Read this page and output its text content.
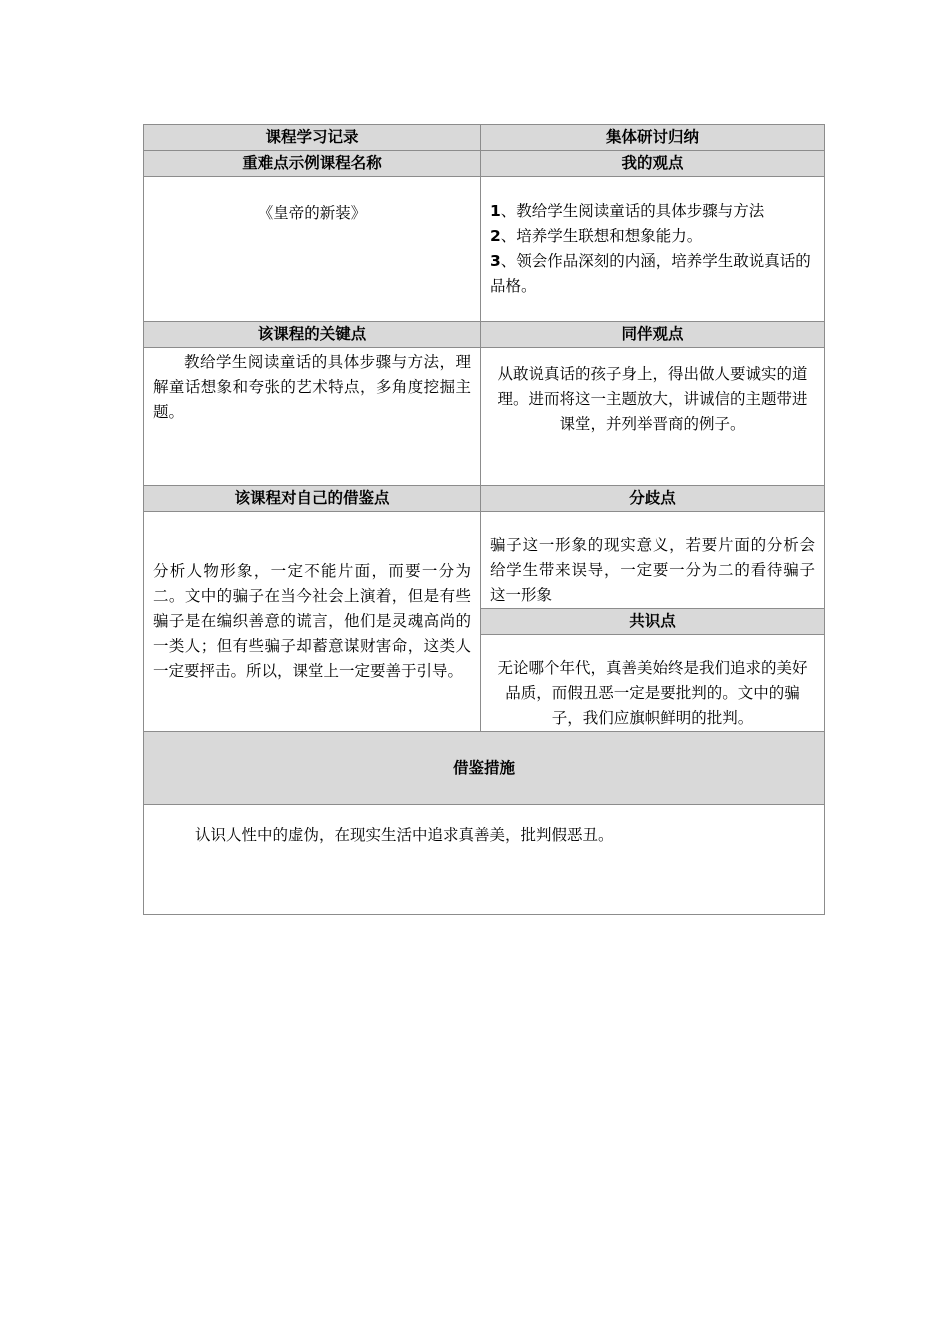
课程学习记录	集体研讨归纳
重难点示例课程名称	我的观点
《皇帝的新装》	1、教给学生阅读童话的具体步骤与方法
2、培养学生联想和想象能力。
3、领会作品深刻的内涵，培养学生敢说真话的品格。

该课程的关键点	同伴观点
教给学生阅读童话的具体步骤与方法，理解童话想象和夸张的艺术特点，多角度挖掘主题。	从敢说真话的孩子身上，得出做人要诚实的道理。进而将这一主题放大，讲诚信的主题带进课堂，并列举晋商的例子。
该课程对自己的借鉴点	分歧点
分析人物形象，一定不能片面，而要一分为二。文中的骗子在当今社会上演着，但是有些骗子是在编织善意的谎言，他们是灵魂高尚的一类人；但有些骗子却蓄意谋财害命，这类人一定要抨击。所以，课堂上一定要善于引导。	骗子这一形象的现实意义，若要片面的分析会给学生带来误导，一定要一分为二的看待骗子这一形象
	共识点
	无论哪个年代，真善美始终是我们追求的美好品质，而假丑恶一定是要批判的。文中的骗子，我们应旗帜鲜明的批判。
借鉴措施	
认识人性中的虚伪，在现实生活中追求真善美，批判假恶丑。	
